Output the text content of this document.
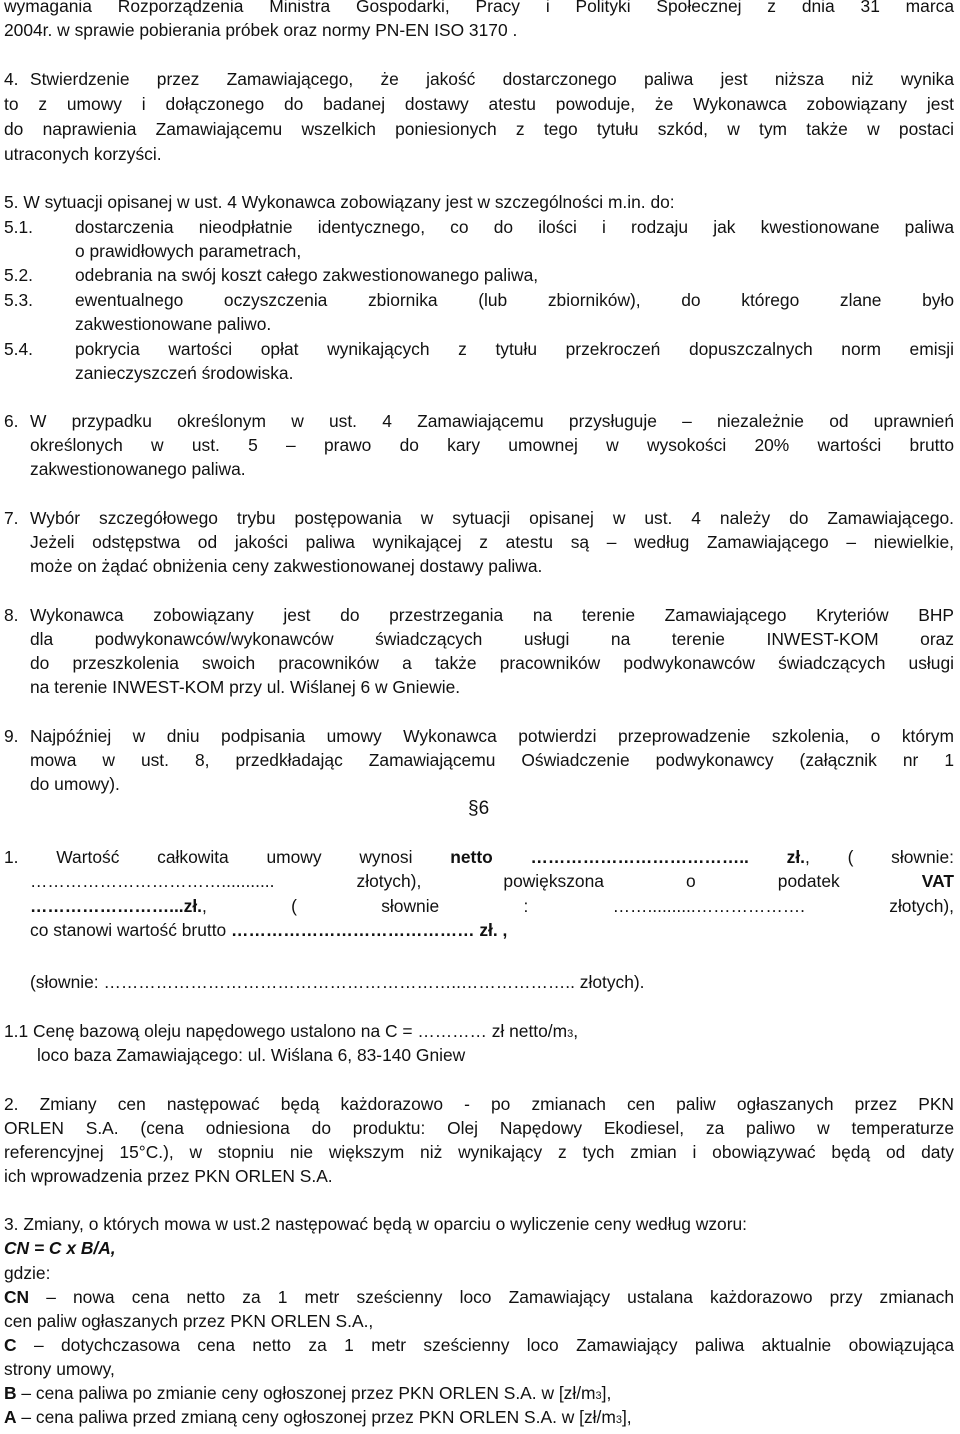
wymagania Rozporządzenia Ministra Gospodarki, Pracy i Polityki Społecznej z dnia 31 marca
2004r. w sprawie pobierania próbek oraz normy PN-EN ISO 3170 .
4. Stwierdzenie przez Zamawiającego, że jakość dostarczonego paliwa jest niższa niż wynika
to z umowy i dołączonego do badanej dostawy atestu powoduje, że Wykonawca zobowiązany jest
do naprawienia Zamawiającemu wszelkich poniesionych z tego tytułu szkód, w tym także w postaci
utraconych korzyści.
5. W sytuacji opisanej w ust. 4 Wykonawca zobowiązany jest w szczególności m.in. do:
5.1. dostarczenia nieodpłatnie identycznego, co do ilości i rodzaju jak kwestionowane paliwa
o prawidłowych parametrach,
5.2. odebrania na swój koszt całego zakwestionowanego paliwa,
5.3. ewentualnego oczyszczenia zbiornika (lub zbiorników), do którego zlane było
zakwestionowane paliwo.
5.4. pokrycia wartości opłat wynikających z tytułu przekroczeń dopuszczalnych norm emisji
zanieczyszczeń środowiska.
6. W przypadku określonym w ust. 4 Zamawiającemu przysługuje – niezależnie od uprawnień
określonych w ust. 5 – prawo do kary umownej w wysokości 20% wartości brutto
zakwestionowanego paliwa.
7. Wybór szczegółowego trybu postępowania w sytuacji opisanej w ust. 4 należy do Zamawiającego.
Jeżeli odstępstwa od jakości paliwa wynikającej z atestu są – według Zamawiającego – niewielkie,
może on żądać obniżenia ceny zakwestionowanej dostawy paliwa.
8. Wykonawca zobowiązany jest do przestrzegania na terenie Zamawiającego Kryteriów BHP
dla podwykonawców/wykonawców świadczących usługi na terenie INWEST-KOM oraz
do przeszkolenia swoich pracowników a także pracowników podwykonawców świadczących usługi
na terenie INWEST-KOM przy ul. Wiślanej 6 w Gniewie.
9. Najpóźniej w dniu podpisania umowy Wykonawca potwierdzi przeprowadzenie szkolenia, o którym
mowa w ust. 8, przedkładając Zamawiającemu Oświadczenie podwykonawcy (załącznik nr 1
do umowy).
§6
1. Wartość całkowita umowy wynosi netto ……………………………….. zł., ( słownie:
……………………………........... złotych), powiększona o podatek VAT
……………………...zł., ( słownie : ……..........………………. złotych),
co stanowi wartość brutto …………………………………… zł. ,
(słownie: ……………………………………………………..……………….. złotych).
1.1 Cenę bazową oleju napędowego ustalono na C = ………… zł netto/m3,
loco baza Zamawiającego: ul. Wiślana 6, 83-140 Gniew
2. Zmiany cen następować będą każdorazowo - po zmianach cen paliw ogłaszanych przez PKN
ORLEN S.A. (cena odniesiona do produktu: Olej Napędowy Ekodiesel, za paliwo w temperaturze
referencyjnej 15°C.), w stopniu nie większym niż wynikający z tych zmian i obowiązywać będą od daty
ich wprowadzenia przez PKN ORLEN S.A.
3. Zmiany, o których mowa w ust.2 następować będą w oparciu o wyliczenie ceny według wzoru:
CN = C x B/A,
gdzie:
CN – nowa cena netto za 1 metr sześcienny loco Zamawiający ustalana każdorazowo przy zmianach
cen paliw ogłaszanych przez PKN ORLEN S.A.,
C – dotychczasowa cena netto za 1 metr sześcienny loco Zamawiający paliwa aktualnie obowiązująca
strony umowy,
B – cena paliwa po zmianie ceny ogłoszonej przez PKN ORLEN S.A. w [zł/m3],
A – cena paliwa przed zmianą ceny ogłoszonej przez PKN ORLEN S.A. w [zł/m3],
